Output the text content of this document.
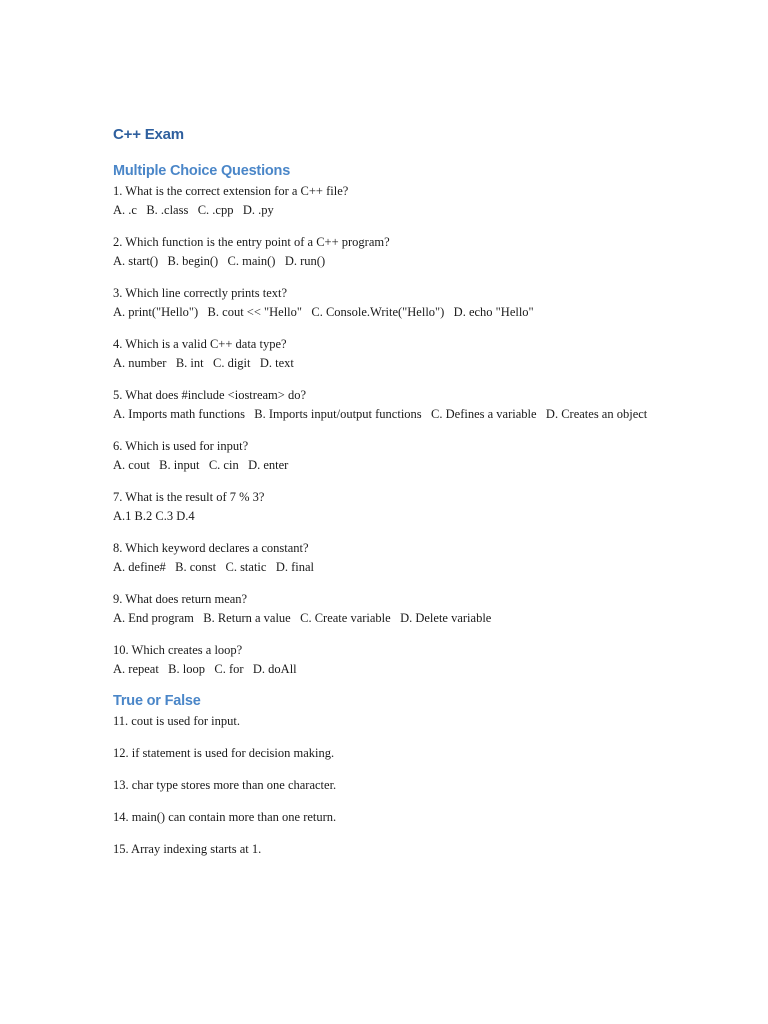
C++ Exam
Multiple Choice Questions
1. What is the correct extension for a C++ file?
A. .c   B. .class   C. .cpp   D. .py
2. Which function is the entry point of a C++ program?
A. start()   B. begin()   C. main()   D. run()
3. Which line correctly prints text?
A. print("Hello")   B. cout << "Hello"   C. Console.Write("Hello")   D. echo "Hello"
4. Which is a valid C++ data type?
A. number   B. int   C. digit   D. text
5. What does #include <iostream> do?
A. Imports math functions   B. Imports input/output functions   C. Defines a variable   D. Creates an object
6. Which is used for input?
A. cout   B. input   C. cin   D. enter
7. What is the result of 7 % 3?
A.1 B.2 C.3 D.4
8. Which keyword declares a constant?
A. define#   B. const   C. static   D. final
9. What does return mean?
A. End program   B. Return a value   C. Create variable   D. Delete variable
10. Which creates a loop?
A. repeat   B. loop   C. for   D. doAll
True or False
11. cout is used for input.
12. if statement is used for decision making.
13. char type stores more than one character.
14. main() can contain more than one return.
15. Array indexing starts at 1.
